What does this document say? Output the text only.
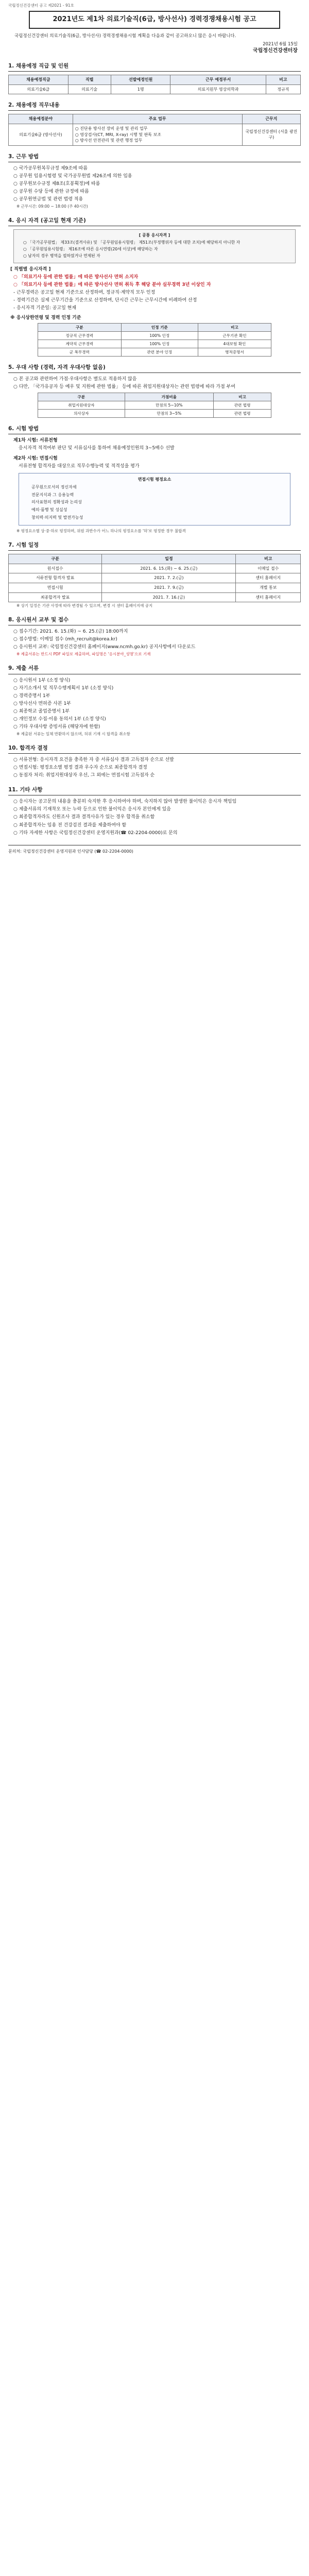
국립정신건강센터 공고 제2021 - 91호
2021년도 제1차 의료기술직(6급, 방사선사) 경력경쟁채용시험 공고
국립정신건강센터 의료기술직(6급, 방사선사) 경력경쟁채용시험 계획을 다음과 같이 공고하오니 많은 응시 바랍니다.
2021년 6월 15일
국립정신건강센터장
1. 채용예정 직급 및 인원
채용예정직급	직렬	선발예정인원	근무 예정부서	비고
의료기술6급	의료기술	1명	의료지원부 영상의학과	정규직
2. 채용예정 직무내용
채용예정분야	주요 업무	근무지
의료기술6급 (방사선사)	○ 진단용 방사선 장비 운영 및 관리 업무
○ 영상검사(CT, MRI, X-ray) 시행 및 판독 보조
○ 방사선 안전관리 및 관련 행정 업무	국립정신건강센터 (서울 광진구)
3. 근무 방법
○ 국가공무원복무규정 제9조에 따름
○ 공무원 임용시험령 및 국가공무원법 제26조에 의한 임용
○ 공무원보수규정 제8조(호봉획정)에 따름
○ 공무원 수당 등에 관한 규정에 따름
○ 공무원연금법 및 관련 법령 적용
※ 근무시간: 09:00 ~ 18:00 (주 40시간)
4. 응시 자격 (공고일 현재 기준)
[ 공통 응시자격 ]
○ 「국가공무원법」 제33조(결격사유) 및 「공무원임용시험령」 제51조(부정행위자 등에 대한 조치)에 해당하지 아니한 자
○ 「공무원임용시험령」 제16조에 따른 응시연령(20세 이상)에 해당하는 자
○ 남자의 경우 병역을 필하였거나 면제된 자
[ 직렬별 응시자격 ]
○ 「의료기사 등에 관한 법률」에 따른 방사선사 면허 소지자
○ 「의료기사 등에 관한 법률」에 따른 방사선사 면허 취득 후 해당 분야 실무경력 3년 이상인 자
- 근무경력은 공고일 현재 기준으로 산정하며, 정규직·계약직 모두 인정
- 경력기간은 실제 근무기간을 기준으로 산정하며, 단시간 근무는 근무시간에 비례하여 산정
- 응시자격 기준일: 공고일 현재
※ 응시상한연령 및 경력 인정 기준
구분	인정 기준	비고
정규직 근무경력	100% 인정	근무기관 확인
계약직 근무경력	100% 인정	4대보험 확인
군 복무경력	관련 분야 인정	병적증명서
5. 우대 사항 (경력, 자격 우대사항 없음)
○ 본 공고와 관련하여 가점·우대사항은 별도로 적용하지 않음
○ 다만, 「국가유공자 등 예우 및 지원에 관한 법률」 등에 따른 취업지원대상자는 관련 법령에 따라 가점 부여
구분	가점비율	비고
취업지원대상자	만점의 5~10%	관련 법령
의사상자	만점의 3~5%	관련 법령
6. 시험 방법
제1차 시험: 서류전형
응시자격 적격여부 판단 및 서류심사를 통하여 채용예정인원의 3~5배수 선발
제2차 시험: 면접시험
서류전형 합격자를 대상으로 직무수행능력 및 적격성을 평가
면접시험 평정요소
공무원으로서의 정신자세
전문지식과 그 응용능력
의사표현의 정확성과 논리성
예의·품행 및 성실성
창의력·의지력 및 발전가능성
※ 평정요소별 상·중·하로 평정하며, 위원 과반수가 어느 하나의 평정요소를 '하'로 평정한 경우 불합격
7. 시험 일정
구분	일정	비고
원서접수	2021. 6. 15.(화) ~ 6. 25.(금)	이메일 접수
서류전형 합격자 발표	2021. 7. 2.(금)	센터 홈페이지
면접시험	2021. 7. 9.(금)	개별 통보
최종합격자 발표	2021. 7. 16.(금)	센터 홈페이지
※ 상기 일정은 기관 사정에 따라 변경될 수 있으며, 변경 시 센터 홈페이지에 공지
8. 응시원서 교부 및 접수
○ 접수기간: 2021. 6. 15.(화) ~ 6. 25.(금) 18:00까지
○ 접수방법: 이메일 접수 (mh_recruit@korea.kr)
○ 응시원서 교부: 국립정신건강센터 홈페이지(www.ncmh.go.kr) 공지사항에서 다운로드
※ 제출서류는 반드시 PDF 파일로 제출하며, 파일명은 '응시분야_성명'으로 기재
9. 제출 서류
○ 응시원서 1부 (소정 양식)
○ 자기소개서 및 직무수행계획서 1부 (소정 양식)
○ 경력증명서 1부
○ 방사선사 면허증 사본 1부
○ 최종학교 졸업증명서 1부
○ 개인정보 수집·이용 동의서 1부 (소정 양식)
○ 기타 우대사항 증빙서류 (해당자에 한함)
※ 제출된 서류는 일체 반환하지 않으며, 허위 기재 시 합격을 취소함
10. 합격자 결정
○ 서류전형: 응시자격 요건을 충족한 자 중 서류심사 결과 고득점자 순으로 선발
○ 면접시험: 평정요소별 평정 결과 우수자 순으로 최종합격자 결정
○ 동점자 처리: 취업지원대상자 우선, 그 외에는 면접시험 고득점자 순
11. 기타 사항
○ 응시자는 공고문의 내용을 충분히 숙지한 후 응시하여야 하며, 숙지하지 않아 발생한 불이익은 응시자 책임임
○ 제출서류의 기재착오 또는 누락 등으로 인한 불이익은 응시자 본인에게 있음
○ 최종합격자라도 신원조사 결과 결격사유가 있는 경우 합격을 취소함
○ 최종합격자는 임용 전 건강검진 결과를 제출하여야 함
○ 기타 자세한 사항은 국립정신건강센터 운영지원과(☎ 02-2204-0000)로 문의
문의처: 국립정신건강센터 운영지원과 인사담당 (☎ 02-2204-0000)
